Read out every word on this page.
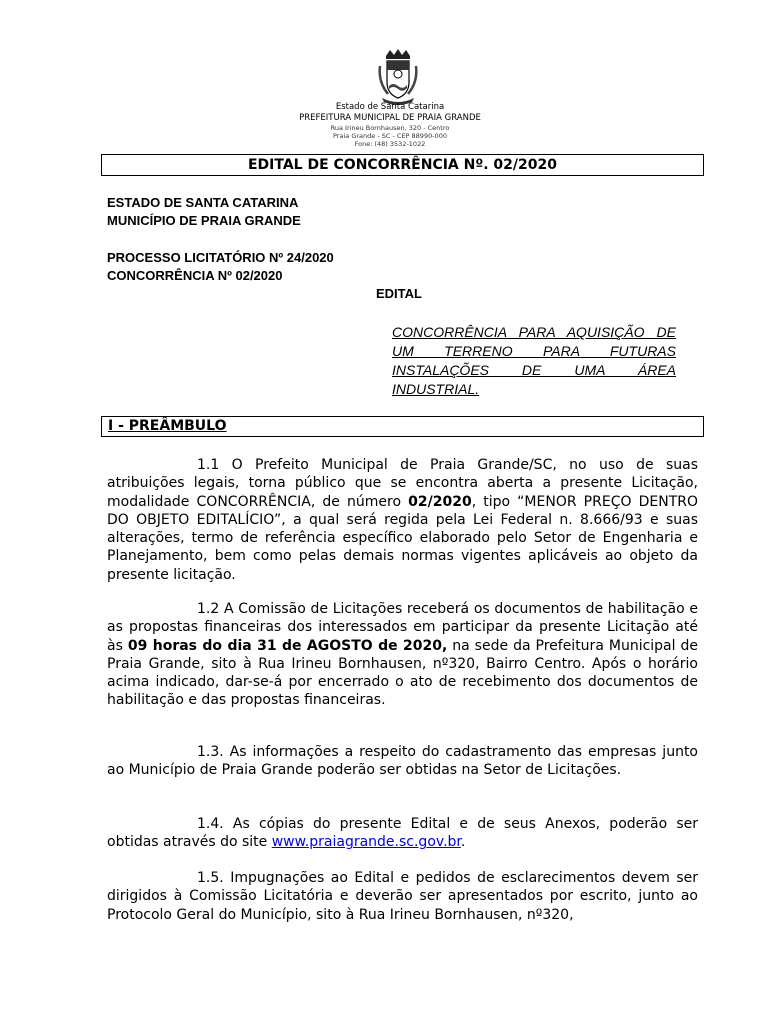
Estado de Santa Catarina
PREFEITURA MUNICIPAL DE PRAIA GRANDE
Rua Irineu Bornhausen, 320 - Centro
Praia Grande - SC - CEP 88990-000
Fone: (48) 3532-1022
EDITAL DE CONCORRÊNCIA Nº. 02/2020
ESTADO DE SANTA CATARINA
MUNICÍPIO DE PRAIA GRANDE
PROCESSO LICITATÓRIO Nº 24/2020
CONCORRÊNCIA Nº 02/2020
EDITAL
CONCORRÊNCIA PARA AQUISIÇÃO DE
UM TERRENO PARA FUTURAS
INSTALAÇÕES DE UMA ÁREA
INDUSTRIAL.
I - PREÂMBULO

1.1 O Prefeito Municipal de Praia Grande/SC, no uso de suas atribuições legais, torna público que se encontra aberta a presente Licitação, modalidade CONCORRÊNCIA, de número 02/2020, tipo “MENOR PREÇO DENTRO DO OBJETO EDITALÍCIO”, a qual será regida pela Lei Federal n. 8.666/93 e suas alterações, termo de referência específico elaborado pelo Setor de Engenharia e Planejamento, bem como pelas demais normas vigentes aplicáveis ao objeto da presente licitação.

1.2 A Comissão de Licitações receberá os documentos de habilitação e as propostas financeiras dos interessados em participar da presente Licitação até às 09 horas do dia 31 de AGOSTO de 2020, na sede da Prefeitura Municipal de Praia Grande, sito à Rua Irineu Bornhausen, nº320, Bairro Centro. Após o horário acima indicado, dar-se-á por encerrado o ato de recebimento dos documentos de habilitação e das propostas financeiras.

1.3. As informações a respeito do cadastramento das empresas junto ao Município de Praia Grande poderão ser obtidas na Setor de Licitações.

1.4. As cópias do presente Edital e de seus Anexos, poderão ser obtidas através do site www.praiagrande.sc.gov.br.

1.5. Impugnações ao Edital e pedidos de esclarecimentos devem ser dirigidos à Comissão Licitatória e deverão ser apresentados por escrito, junto ao Protocolo Geral do Município, sito à Rua Irineu Bornhausen, nº320,
